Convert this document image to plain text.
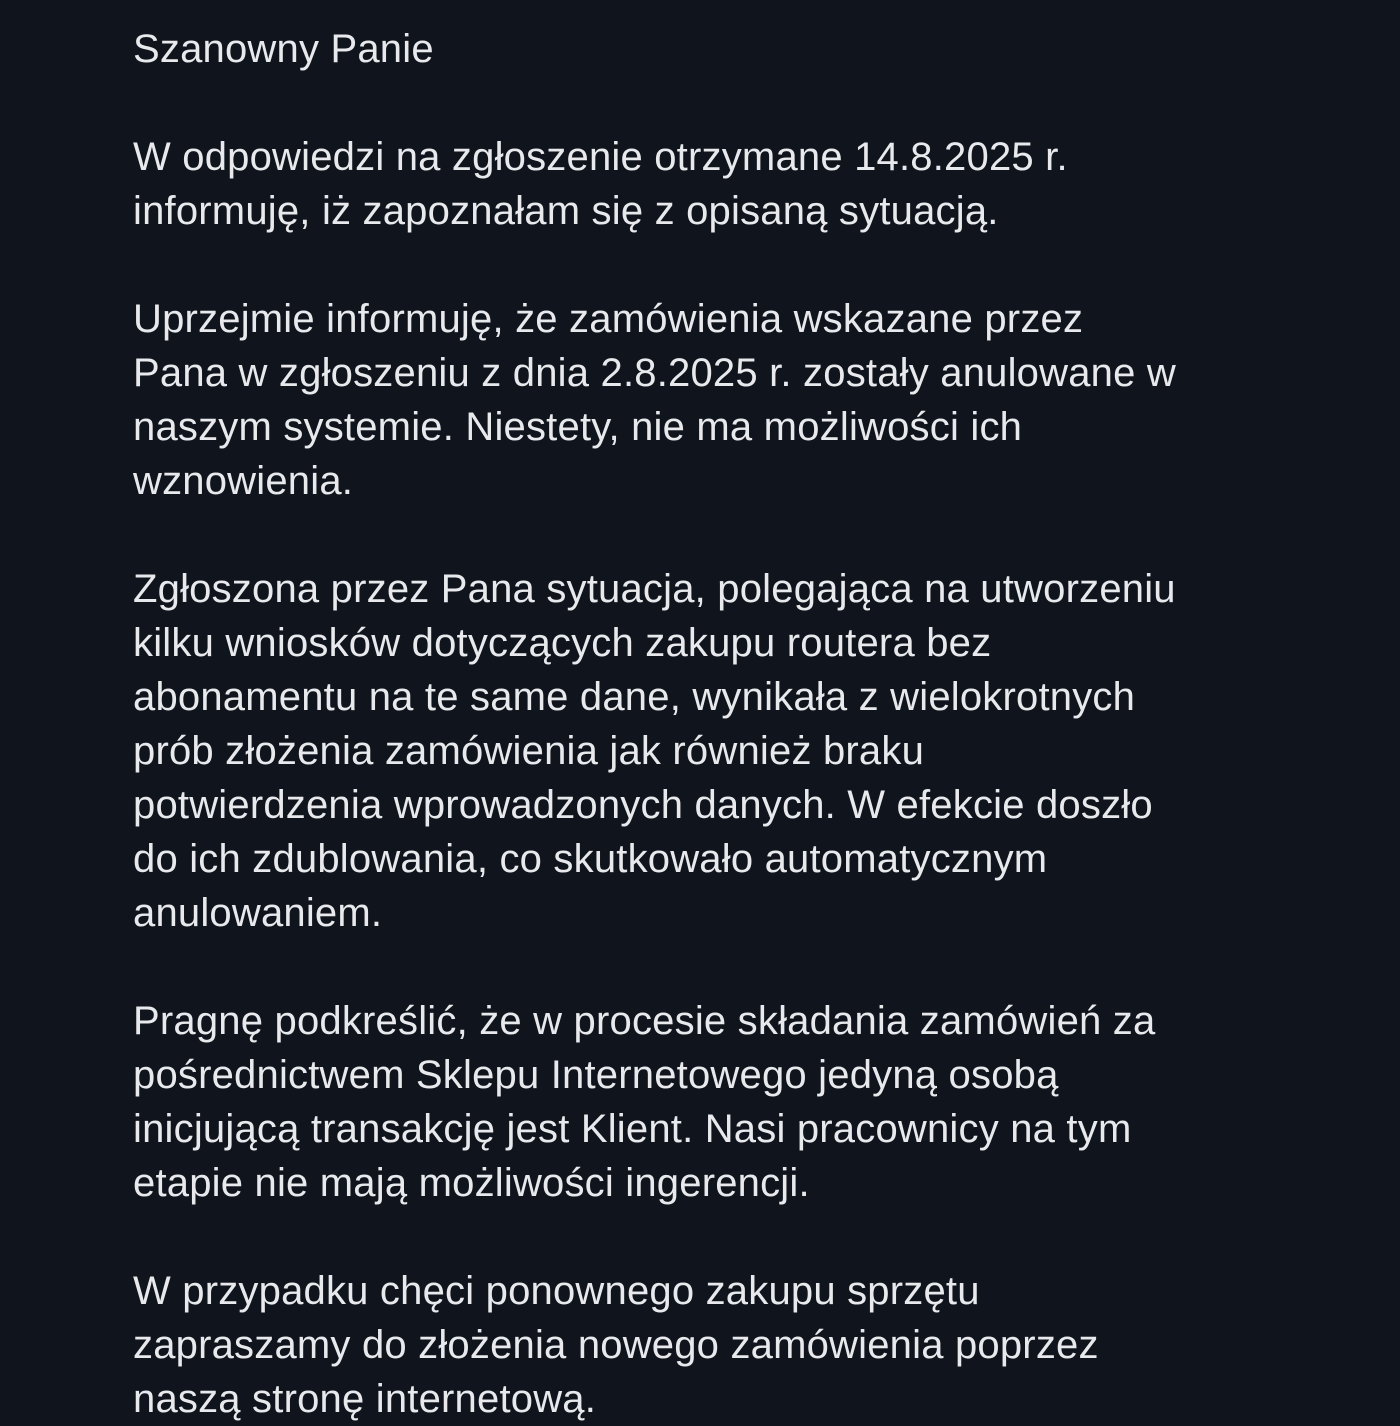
Szanowny Panie

W odpowiedzi na zgłoszenie otrzymane 14.8.2025 r.
informuję, iż zapoznałam się z opisaną sytuacją.

Uprzejmie informuję, że zamówienia wskazane przez
Pana w zgłoszeniu z dnia 2.8.2025 r. zostały anulowane w
naszym systemie. Niestety, nie ma możliwości ich
wznowienia.

Zgłoszona przez Pana sytuacja, polegająca na utworzeniu
kilku wniosków dotyczących zakupu routera bez
abonamentu na te same dane, wynikała z wielokrotnych
prób złożenia zamówienia jak również braku
potwierdzenia wprowadzonych danych. W efekcie doszło
do ich zdublowania, co skutkowało automatycznym
anulowaniem.

Pragnę podkreślić, że w procesie składania zamówień za
pośrednictwem Sklepu Internetowego jedyną osobą
inicjującą transakcję jest Klient. Nasi pracownicy na tym
etapie nie mają możliwości ingerencji.

W przypadku chęci ponownego zakupu sprzętu
zapraszamy do złożenia nowego zamówienia poprzez
naszą stronę internetową.
